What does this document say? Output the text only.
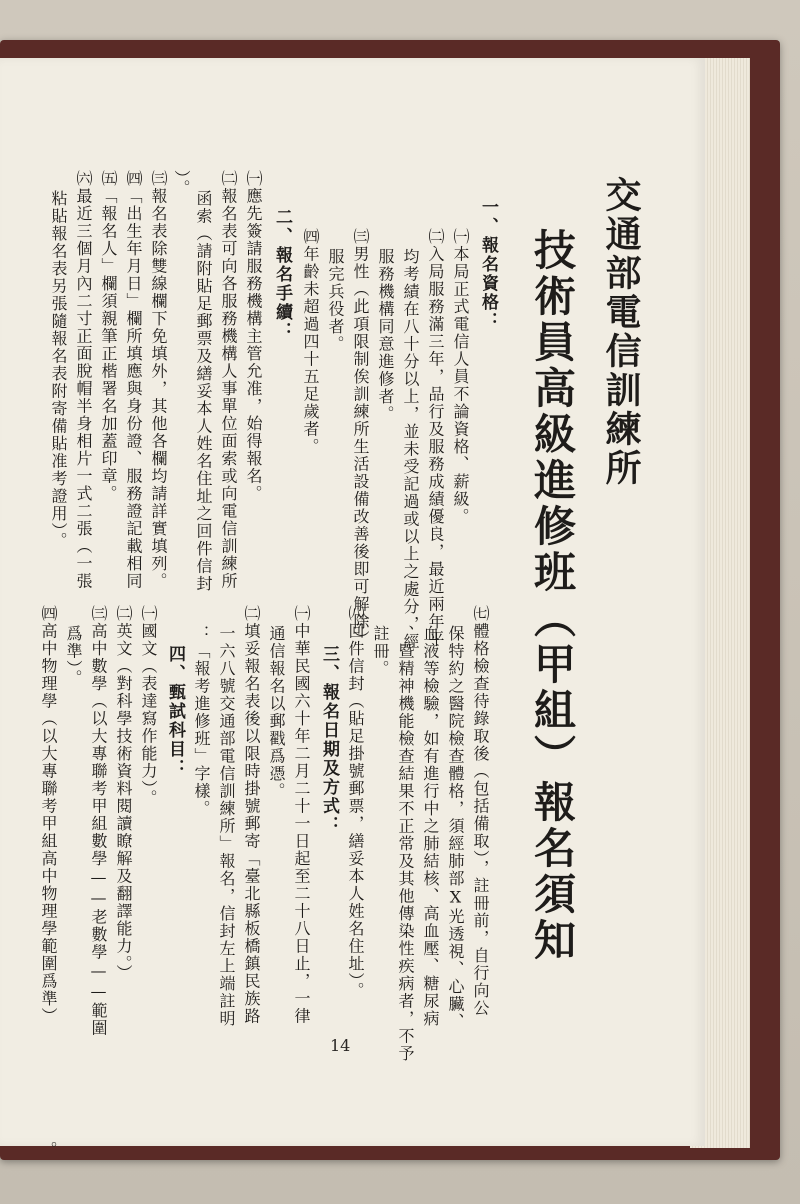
交通部電信訓練所
技術員高級進修班（甲組）報名須知
一、報名資格：
㈠本局正式電信人員不論資格、薪級。
㈡入局服務滿三年，品行及服務成績優良，最近兩年平
均考績在八十分以上，並未受記過或以上之處分，經
服務機構同意進修者。
㈢男性（此項限制俟訓練所生活設備改善後即可解除）
服完兵役者。
㈣年齡未超過四十五足歲者。
二、報名手續：
㈠應先簽請服務機構主管允准，始得報名。
㈡報名表可向各服務機構人事單位面索或向電信訓練所
函索（請附貼足郵票及繕妥本人姓名住址之回件信封
）。
㈢報名表除雙線欄下免填外，其他各欄均請詳實填列。
㈣「出生年月日」欄所填應與身份證、服務證記載相同
㈤「報名人」欄須親筆正楷署名加蓋印章。
㈥最近三個月內二寸正面脫帽半身相片一式二張（一張
粘貼報名表另張隨報名表附寄備貼准考證用）。
㈦體格檢查待錄取後（包括備取），註冊前，自行向公
保特約之醫院檢查體格，須經肺部X光透視、心臟、
血液等檢驗，如有進行中之肺結核、高血壓、糖尿病
、暨精神機能檢查結果不正常及其他傳染性疾病者，不予
註冊。
㈧回件信封（貼足掛號郵票，繕妥本人姓名住址）。
三、報名日期及方式：
㈠中華民國六十年二月二十一日起至二十八日止，一律
通信報名以郵戳爲憑。
㈡填妥報名表後以限時掛號郵寄「臺北縣板橋鎮民族路
一六八號交通部電信訓練所」報名，信封左上端註明
：「報考進修班」字樣。
四、甄試科目：
㈠國文（表達寫作能力）。
㈡英文（對科學技術資料閱讀瞭解及翻譯能力。）
㈢高中數學（以大專聯考甲組數學——老數學——範圍
爲準）。
㈣高中物理學（以大專聯考甲組高中物理學範圍爲準）
。
14
